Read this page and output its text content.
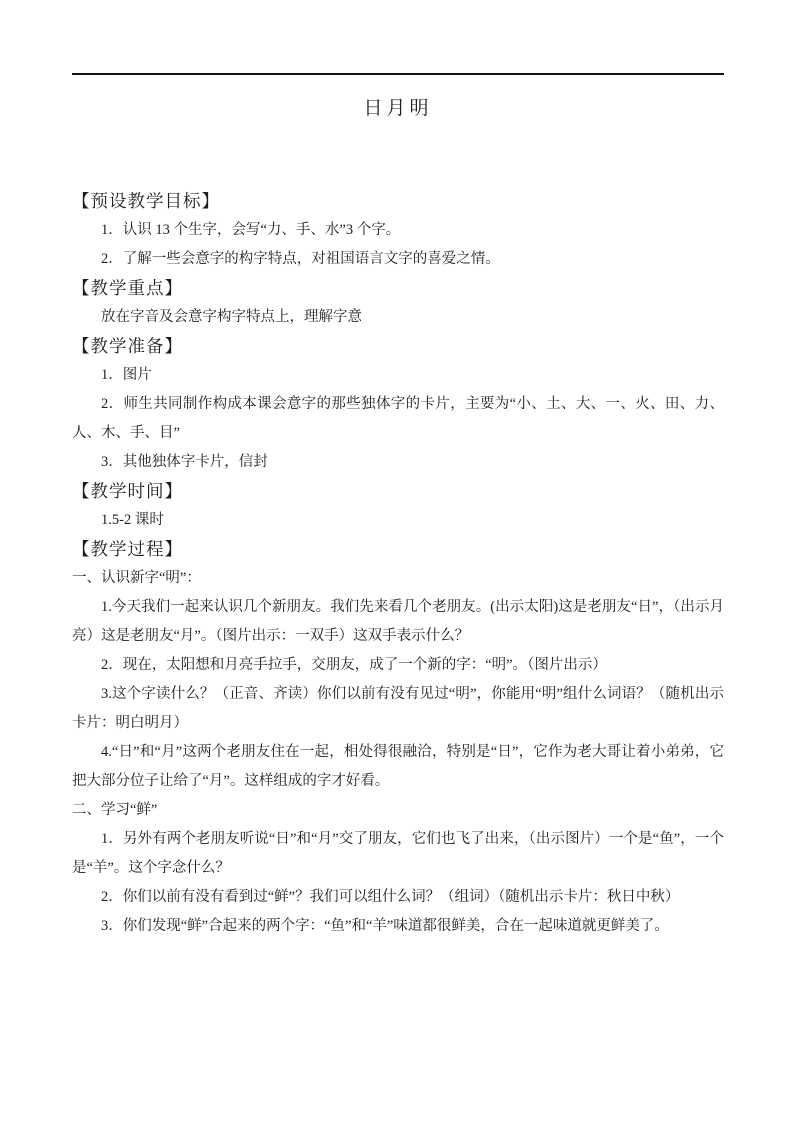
日月明

【预设教学目标】

1．认识 13 个生字，会写“力、手、水”3 个字。

2．了解一些会意字的构字特点，对祖国语言文字的喜爱之情。

【教学重点】

放在字音及会意字构字特点上，理解字意

【教学准备】

1．图片

2．师生共同制作构成本课会意字的那些独体字的卡片，主要为“小、土、大、一、火、田、力、人、木、手、目”

3．其他独体字卡片，信封

【教学时间】

1.5-2 课时

【教学过程】

一、认识新字“明”：

1.今天我们一起来认识几个新朋友。我们先来看几个老朋友。(出示太阳)这是老朋友“日”，（出示月亮）这是老朋友“月”。（图片出示：一双手）这双手表示什么？

2．现在，太阳想和月亮手拉手，交朋友，成了一个新的字：“明”。（图片出示）

3.这个字读什么？（正音、齐读）你们以前有没有见过“明”，你能用“明”组什么词语？（随机出示卡片：明白明月）

4.“日”和“月”这两个老朋友住在一起，相处得很融洽，特别是“日”，它作为老大哥让着小弟弟，它把大部分位子让给了“月”。这样组成的字才好看。

二、学习“鲜”

1．另外有两个老朋友听说“日”和“月”交了朋友，它们也飞了出来，（出示图片）一个是“鱼”，一个是“羊”。这个字念什么？

2．你们以前有没有看到过“鲜”？我们可以组什么词？（组词）（随机出示卡片：秋日中秋）

3．你们发现“鲜”合起来的两个字：“鱼”和“羊”味道都很鲜美，合在一起味道就更鲜美了。
